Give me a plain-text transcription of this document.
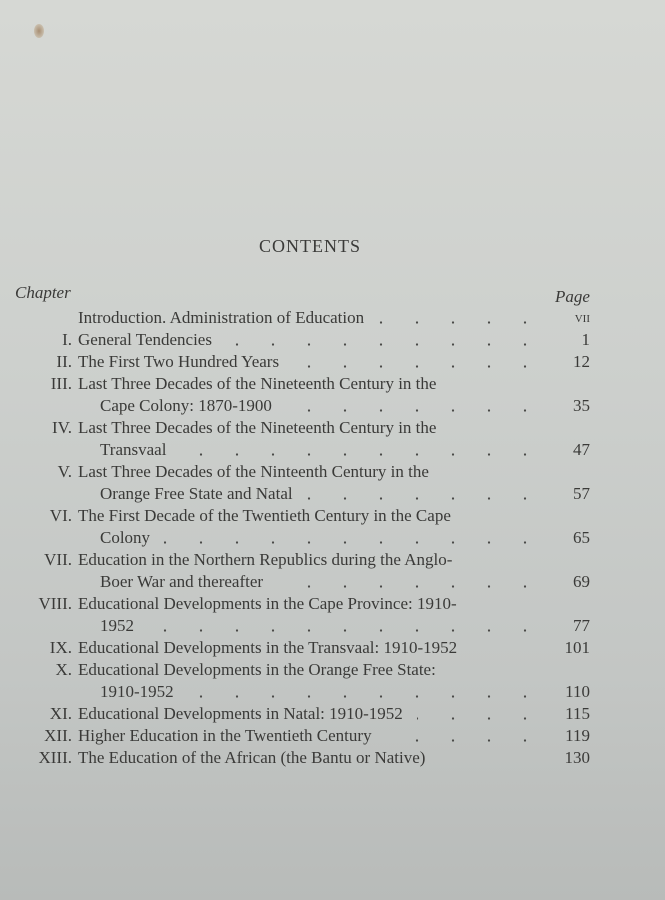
CONTENTS
Chapter	Page
Introduction. Administration of Education	vii
I. General Tendencies	1
II. The First Two Hundred Years	12
III. Last Three Decades of the Nineteenth Century in the
Cape Colony: 1870-1900	35
IV. Last Three Decades of the Nineteenth Century in the
Transvaal	47
V. Last Three Decades of the Ninteenth Century in the
Orange Free State and Natal	57
VI. The First Decade of the Twentieth Century in the Cape
Colony	65
VII. Education in the Northern Republics during the Anglo-
Boer War and thereafter	69
VIII. Educational Developments in the Cape Province: 1910-
1952	77
IX. Educational Developments in the Transvaal: 1910-1952	101
X. Educational Developments in the Orange Free State:
1910-1952	110
XI. Educational Developments in Natal: 1910-1952	115
XII. Higher Education in the Twentieth Century	119
XIII. The Education of the African (the Bantu or Native)	130
